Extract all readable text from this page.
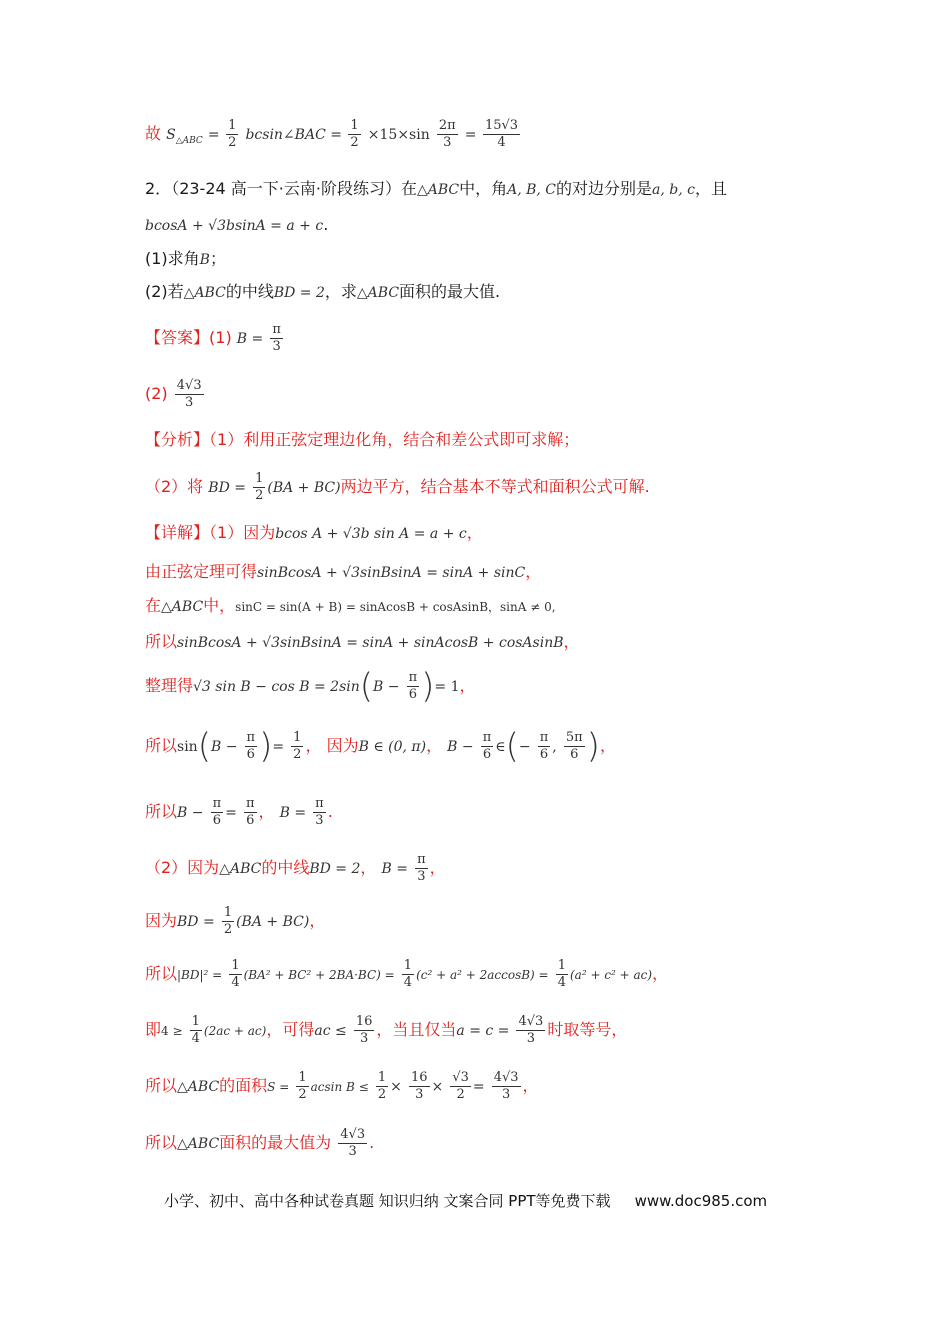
故 $S_{\triangle ABC} = \frac{1}{2}$ bcsin∠BAC = $\frac{1}{2} \times 15\times\sin \frac{2\pi}{3} = \frac{15√3}{4}$
2．（23-24 高一下·云南·阶段练习）在△ABC中，角A, B, C的对边分别是a, b, c，且
bcosA + √3bsinA = a + c.
(1)求角B；
(2)若△ABC的中线BD = 2，求△ABC面积的最大值.
【答案】(1) $B = \frac{\pi}{3}$
$(2) \frac{4√3}{3}$
【分析】（1）利用正弦定理边化角，结合和差公式即可求解；
（2）将 BD = $\frac{1}{2} (BA + BC)$两边平方，结合基本不等式和面积公式可解.
【详解】（1）因为bcos A + √3b sin A = a + c，
由正弦定理可得sinBcosA + √3sinBsinA = sinA + sinC，
在△ABC中，sinC = sin(A + B) = sinAcosB + cosAsinB，sinA ≠ 0,
所以sinBcosA + √3sinBsinA = sinA + sinAcosB + cosAsinB，
整理得√3 $\sin B - \cos B = 2\sin(B - \frac{\pi}{6}$ )= 1，
所以$\sin(B - \frac{\pi}{6}$ )= $\frac{1}{2}$ ， 因为B ∈ (0, π)， $B - \frac{\pi}{6}$ ∈(− $\frac{\pi}{6}$ , $\frac{5\pi}{6}$ )，
所以$B - \frac{\pi}{6} = \frac{\pi}{6}$ ， $B = \frac{\pi}{3}$ .
（2）因为△ABC的中线BD = 2， $B = \frac{\pi}{3}$ ，
因为BD = $\frac{1}{2} (BA + BC)$，
所以$|BD|^2 = \frac{1}{4} (BA^2 + BC^2 + 2BA\cdot BC) = \frac{1}{4} (c^2 + a^2 + 2accosB) = \frac{1}{4} (a^2 + c^2 + ac)$，
即$4 \ge \frac{1}{4} (2ac + ac)$，可得ac ≤ $\frac{16}{3}$ ，当且仅当$a = c = \frac{4√3}{3}$ 时取等号，
所以△ABC的面积$S = \frac{1}{2}$ acsin $B \le \frac{1}{2} \times \frac{16}{3} \times \frac{√3}{2} = \frac{4√3}{3}$ ，
所以△ABC面积的最大值为 $\frac{4√3}{3}$ .
小学、初中、高中各种试卷真题 知识归纳 文案合同 PPT等免费下载 www.doc985.com
